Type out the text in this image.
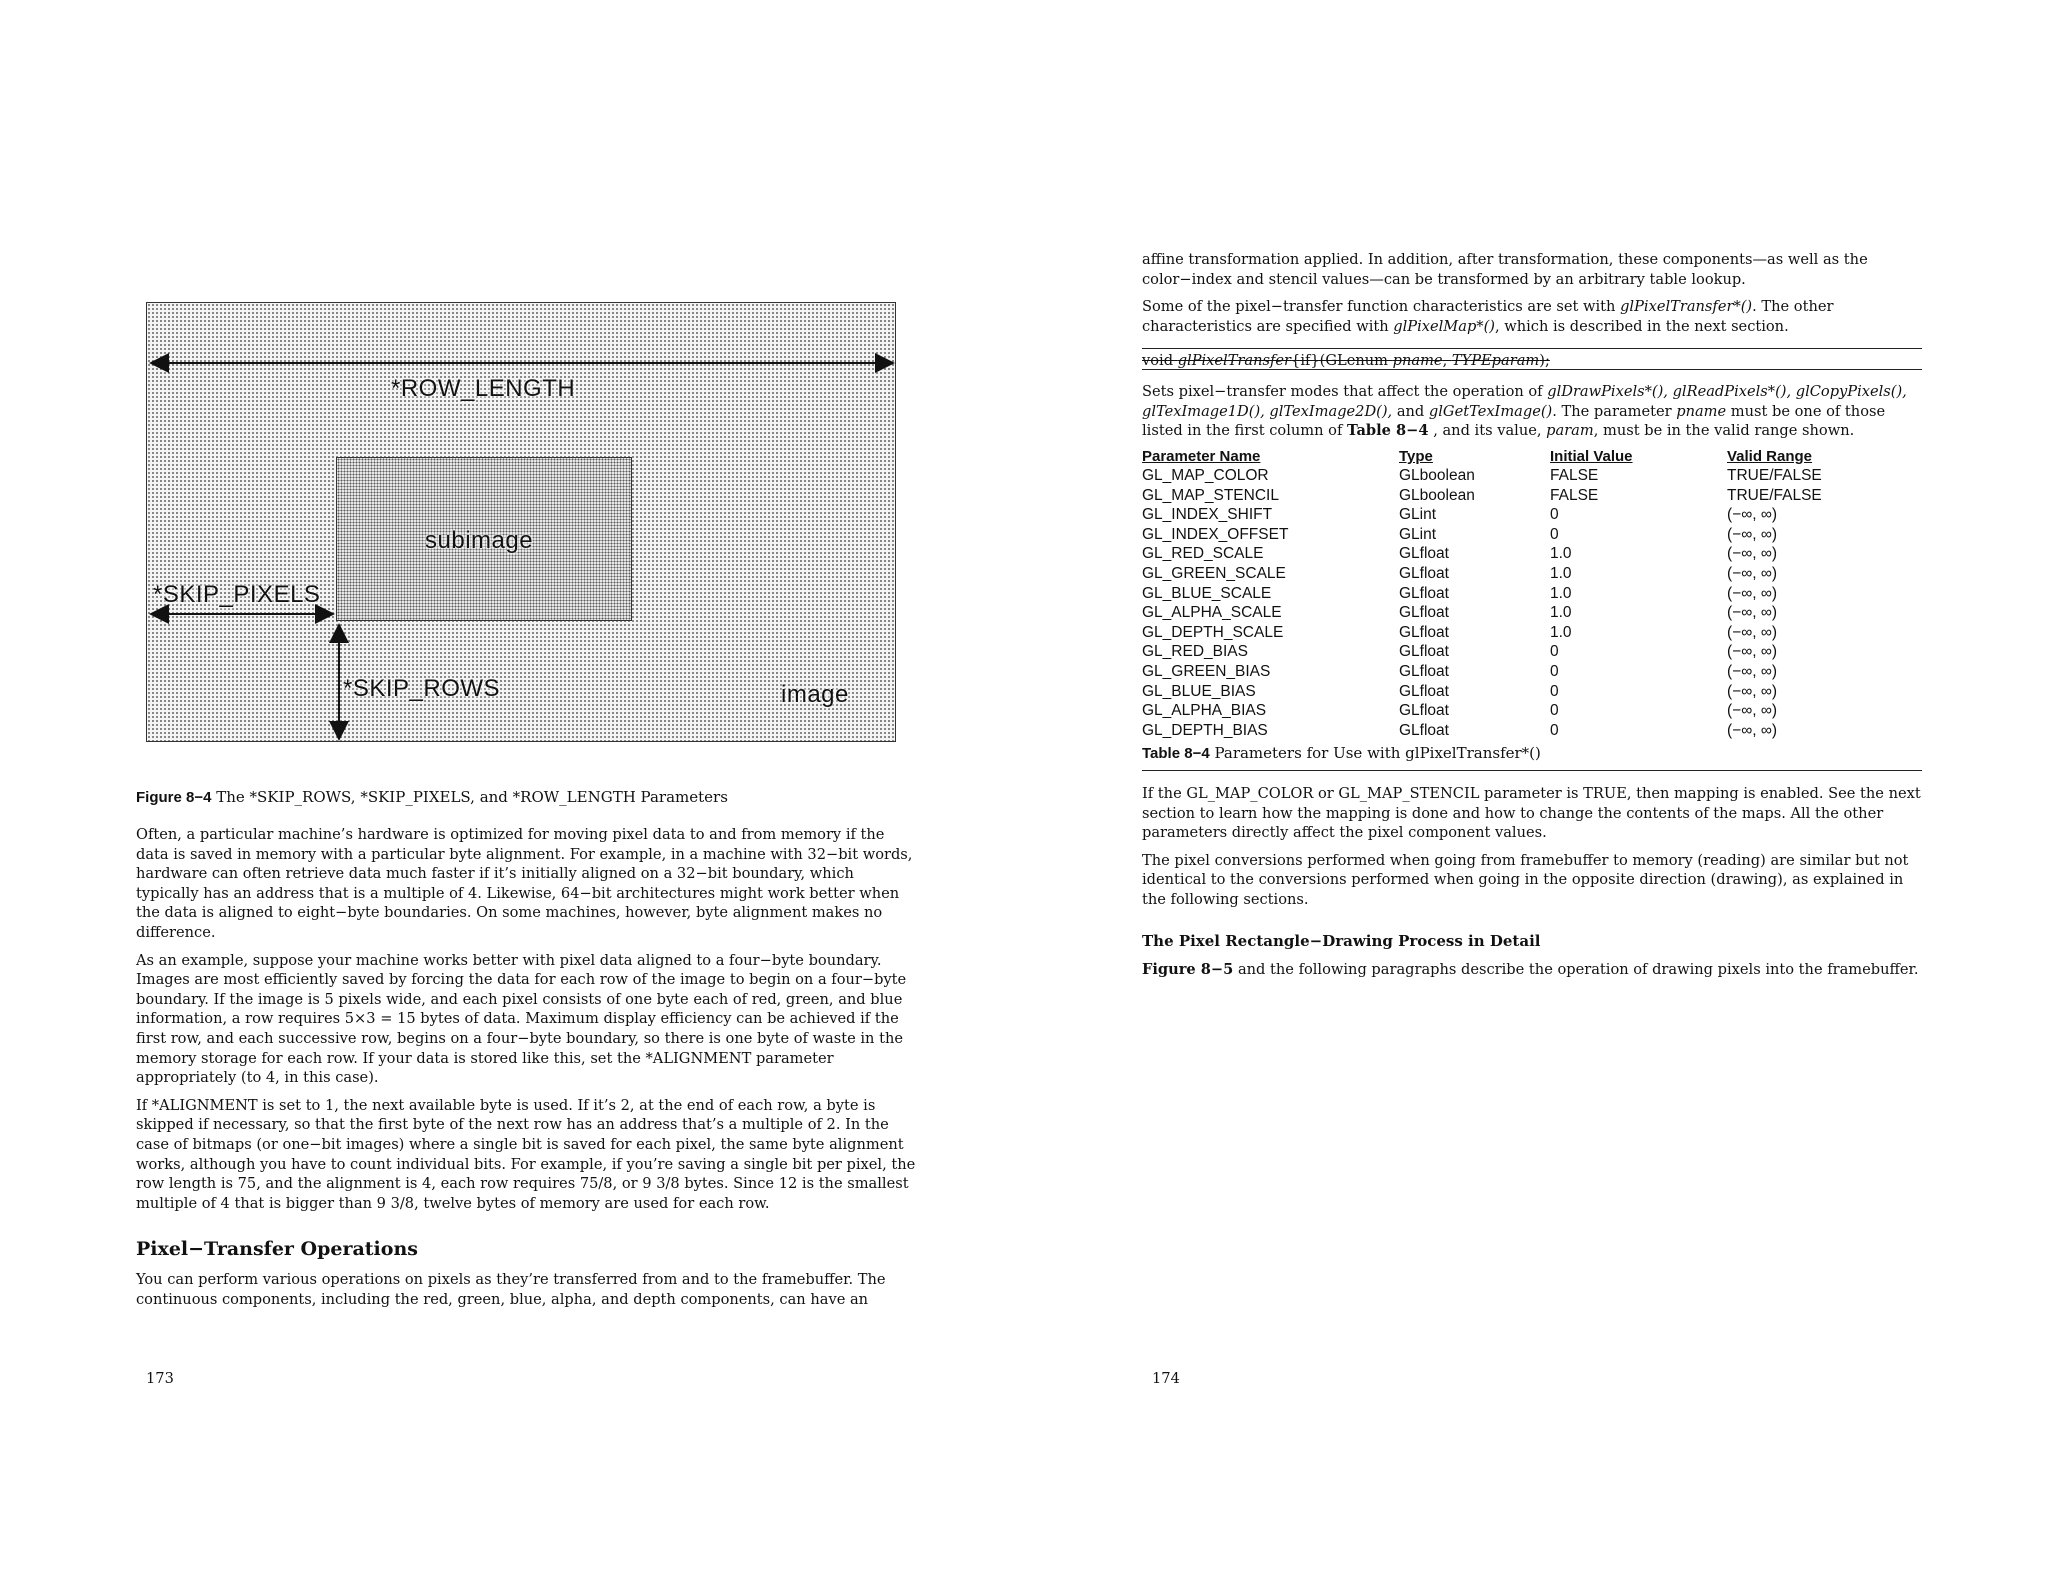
*ROW_LENGTH
subimage
*SKIP_PIXELS
*SKIP_ROWS	image
Figure 8−4 The *SKIP_ROWS, *SKIP_PIXELS, and *ROW_LENGTH Parameters

Often, a particular machine’s hardware is optimized for moving pixel data to and from memory if the data is saved in memory with a particular byte alignment. For example, in a machine with 32−bit words, hardware can often retrieve data much faster if it’s initially aligned on a 32−bit boundary, which typically has an address that is a multiple of 4. Likewise, 64−bit architectures might work better when the data is aligned to eight−byte boundaries. On some machines, however, byte alignment makes no difference.

As an example, suppose your machine works better with pixel data aligned to a four−byte boundary. Images are most efficiently saved by forcing the data for each row of the image to begin on a four−byte boundary. If the image is 5 pixels wide, and each pixel consists of one byte each of red, green, and blue information, a row requires 5×3 = 15 bytes of data. Maximum display efficiency can be achieved if the first row, and each successive row, begins on a four−byte boundary, so there is one byte of waste in the memory storage for each row. If your data is stored like this, set the *ALIGNMENT parameter appropriately (to 4, in this case).

If *ALIGNMENT is set to 1, the next available byte is used. If it’s 2, at the end of each row, a byte is skipped if necessary, so that the first byte of the next row has an address that’s a multiple of 2. In the case of bitmaps (or one−bit images) where a single bit is saved for each pixel, the same byte alignment works, although you have to count individual bits. For example, if you’re saving a single bit per pixel, the row length is 75, and the alignment is 4, each row requires 75/8, or 9 3/8 bytes. Since 12 is the smallest multiple of 4 that is bigger than 9 3/8, twelve bytes of memory are used for each row.

Pixel−Transfer Operations

You can perform various operations on pixels as they’re transferred from and to the framebuffer. The continuous components, including the red, green, blue, alpha, and depth components, can have an

173

affine transformation applied. In addition, after transformation, these components—as well as the color−index and stencil values—can be transformed by an arbitrary table lookup.

Some of the pixel−transfer function characteristics are set with glPixelTransfer*(). The other characteristics are specified with glPixelMap*(), which is described in the next section.

void glPixelTransfer{if}(GLenum pname, TYPEparam);

Sets pixel−transfer modes that affect the operation of glDrawPixels*(), glReadPixels*(), glCopyPixels(), glTexImage1D(), glTexImage2D(), and glGetTexImage(). The parameter pname must be one of those listed in the first column of Table 8−4 , and its value, param, must be in the valid range shown.

Parameter Name	Type	Initial Value	Valid Range
GL_MAP_COLOR	GLboolean	FALSE	TRUE/FALSE
GL_MAP_STENCIL	GLboolean	FALSE	TRUE/FALSE
GL_INDEX_SHIFT	GLint	0	(−∞, ∞)
GL_INDEX_OFFSET	GLint	0	(−∞, ∞)
GL_RED_SCALE	GLfloat	1.0	(−∞, ∞)
GL_GREEN_SCALE	GLfloat	1.0	(−∞, ∞)
GL_BLUE_SCALE	GLfloat	1.0	(−∞, ∞)
GL_ALPHA_SCALE	GLfloat	1.0	(−∞, ∞)
GL_DEPTH_SCALE	GLfloat	1.0	(−∞, ∞)
GL_RED_BIAS	GLfloat	0	(−∞, ∞)
GL_GREEN_BIAS	GLfloat	0	(−∞, ∞)
GL_BLUE_BIAS	GLfloat	0	(−∞, ∞)
GL_ALPHA_BIAS	GLfloat	0	(−∞, ∞)
GL_DEPTH_BIAS	GLfloat	0	(−∞, ∞)
Table 8−4 Parameters for Use with glPixelTransfer*()

If the GL_MAP_COLOR or GL_MAP_STENCIL parameter is TRUE, then mapping is enabled. See the next section to learn how the mapping is done and how to change the contents of the maps. All the other parameters directly affect the pixel component values.

The pixel conversions performed when going from framebuffer to memory (reading) are similar but not identical to the conversions performed when going in the opposite direction (drawing), as explained in the following sections.

The Pixel Rectangle−Drawing Process in Detail

Figure 8−5 and the following paragraphs describe the operation of drawing pixels into the framebuffer.

174
